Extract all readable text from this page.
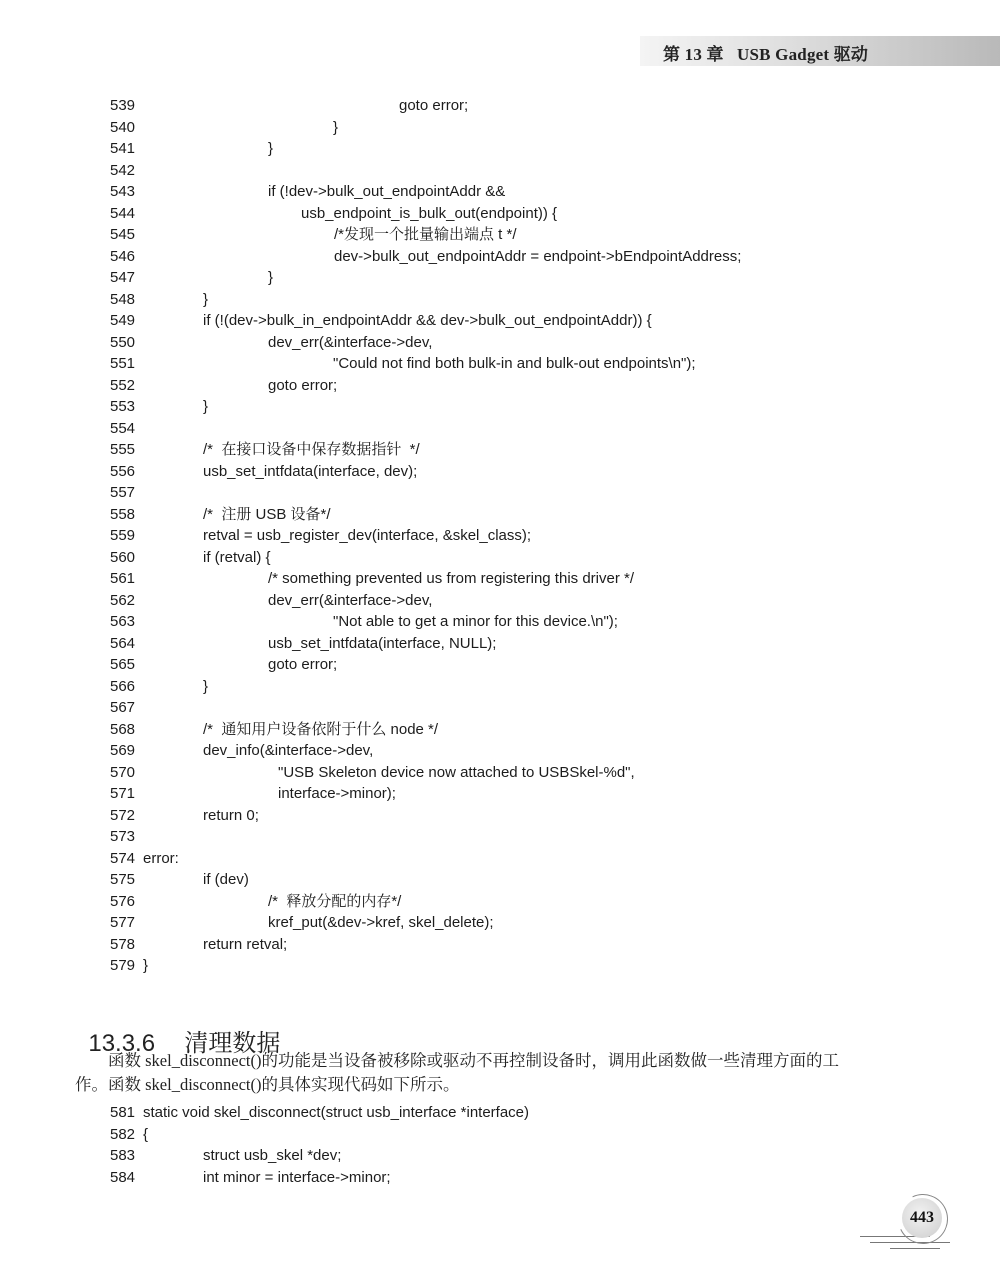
第 13 章   USB Gadget 驱动
539	goto error;
540	}
541	}
542
543	if (!dev->bulk_out_endpointAddr &&
544	usb_endpoint_is_bulk_out(endpoint)) {
545	/*发现一个批量输出端点 t */
546	dev->bulk_out_endpointAddr = endpoint->bEndpointAddress;
547	}
548	}
549	if (!(dev->bulk_in_endpointAddr && dev->bulk_out_endpointAddr)) {
550	dev_err(&interface->dev,
551	"Could not find both bulk-in and bulk-out endpoints\n");
552	goto error;
553	}
554
555	/*  在接口设备中保存数据指针  */
556	usb_set_intfdata(interface, dev);
557
558	/*  注册 USB 设备*/
559	retval = usb_register_dev(interface, &skel_class);
560	if (retval) {
561	/* something prevented us from registering this driver */
562	dev_err(&interface->dev,
563	"Not able to get a minor for this device.\n");
564	usb_set_intfdata(interface, NULL);
565	goto error;
566	}
567
568	/*  通知用户设备依附于什么 node */
569	dev_info(&interface->dev,
570	"USB Skeleton device now attached to USBSkel-%d",
571	interface->minor);
572	return 0;
573
574 error:
575	if (dev)
576	/*  释放分配的内存*/
577	kref_put(&dev->kref, skel_delete);
578	return retval;
579 }

13.3.6 清理数据

函数 skel_disconnect()的功能是当设备被移除或驱动不再控制设备时，调用此函数做一些清理方面的工
作。函数 skel_disconnect()的具体实现代码如下所示。
581 static void skel_disconnect(struct usb_interface *interface)
582 {
583	struct usb_skel *dev;
584	int minor = interface->minor;
443
